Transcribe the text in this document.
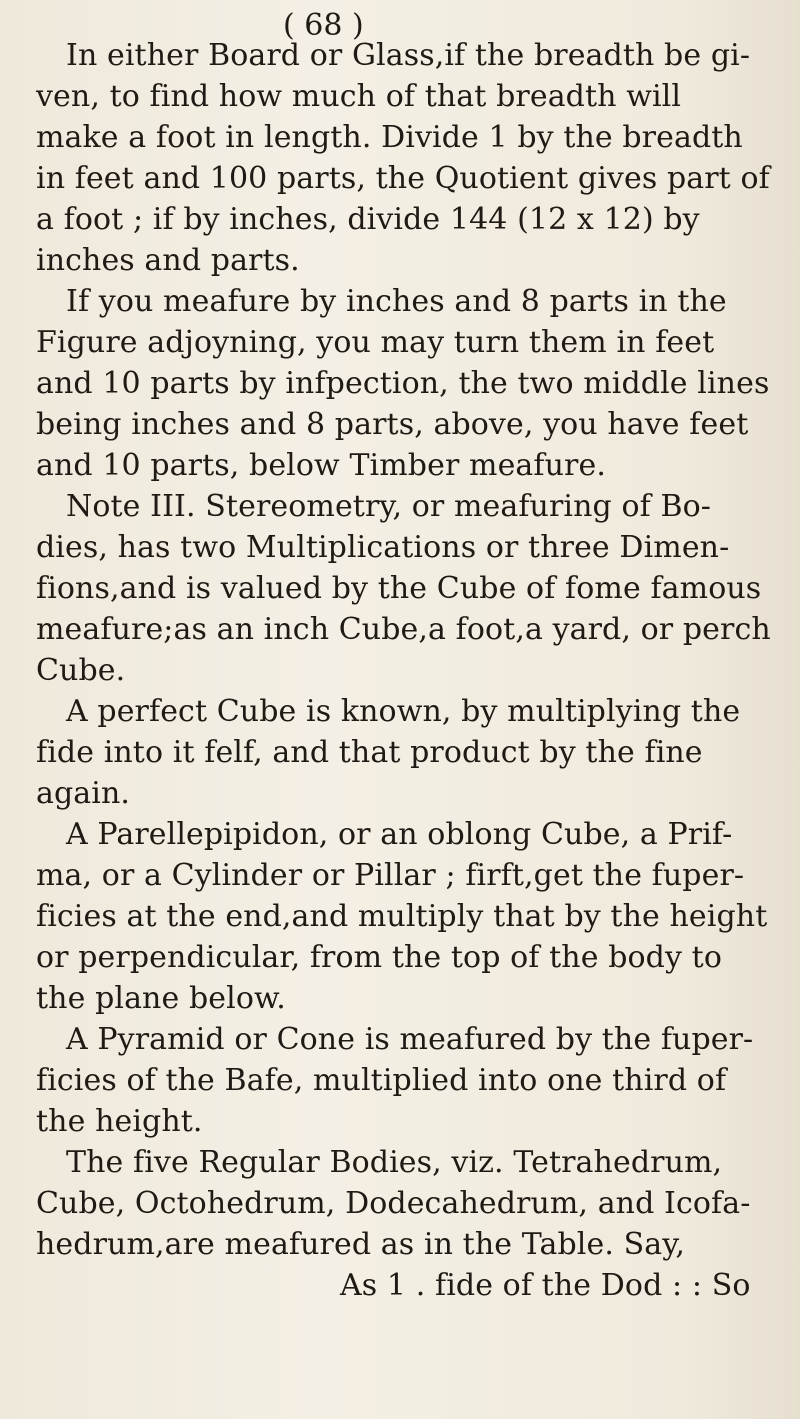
( 68 )
In either Board or Glass,if the breadth be gi-
ven, to find how much of that breadth will
make a foot in length. Divide 1 by the breadth
in feet and 100 parts, the Quotient gives part of
a foot ; if by inches, divide 144 (12 x 12) by
inches and parts.
If you meafure by inches and 8 parts in the
Figure adjoyning, you may turn them in feet
and 10 parts by infpection, the two middle lines
being inches and 8 parts, above, you have feet
and 10 parts, below Timber meafure.
Note III. Stereometry, or meafuring of Bo-
dies, has two Multiplications or three Dimen-
fions,and is valued by the Cube of fome famous
meafure;as an inch Cube,a foot,a yard, or perch
Cube.
A perfect Cube is known, by multiplying the
fide into it felf, and that product by the fine
again.
A Parellepipidon, or an oblong Cube, a Prif-
ma, or a Cylinder or Pillar ; firft,get the fuper-
ficies at the end,and multiply that by the height
or perpendicular, from the top of the body to
the plane below.
A Pyramid or Cone is meafured by the fuper-
ficies of the Bafe, multiplied into one third of
the height.
The five Regular Bodies, viz. Tetrahedrum,
Cube, Octohedrum, Dodecahedrum, and Icofa-
hedrum,are meafured as in the Table. Say,
As 1 . fide of the Dod : : So
